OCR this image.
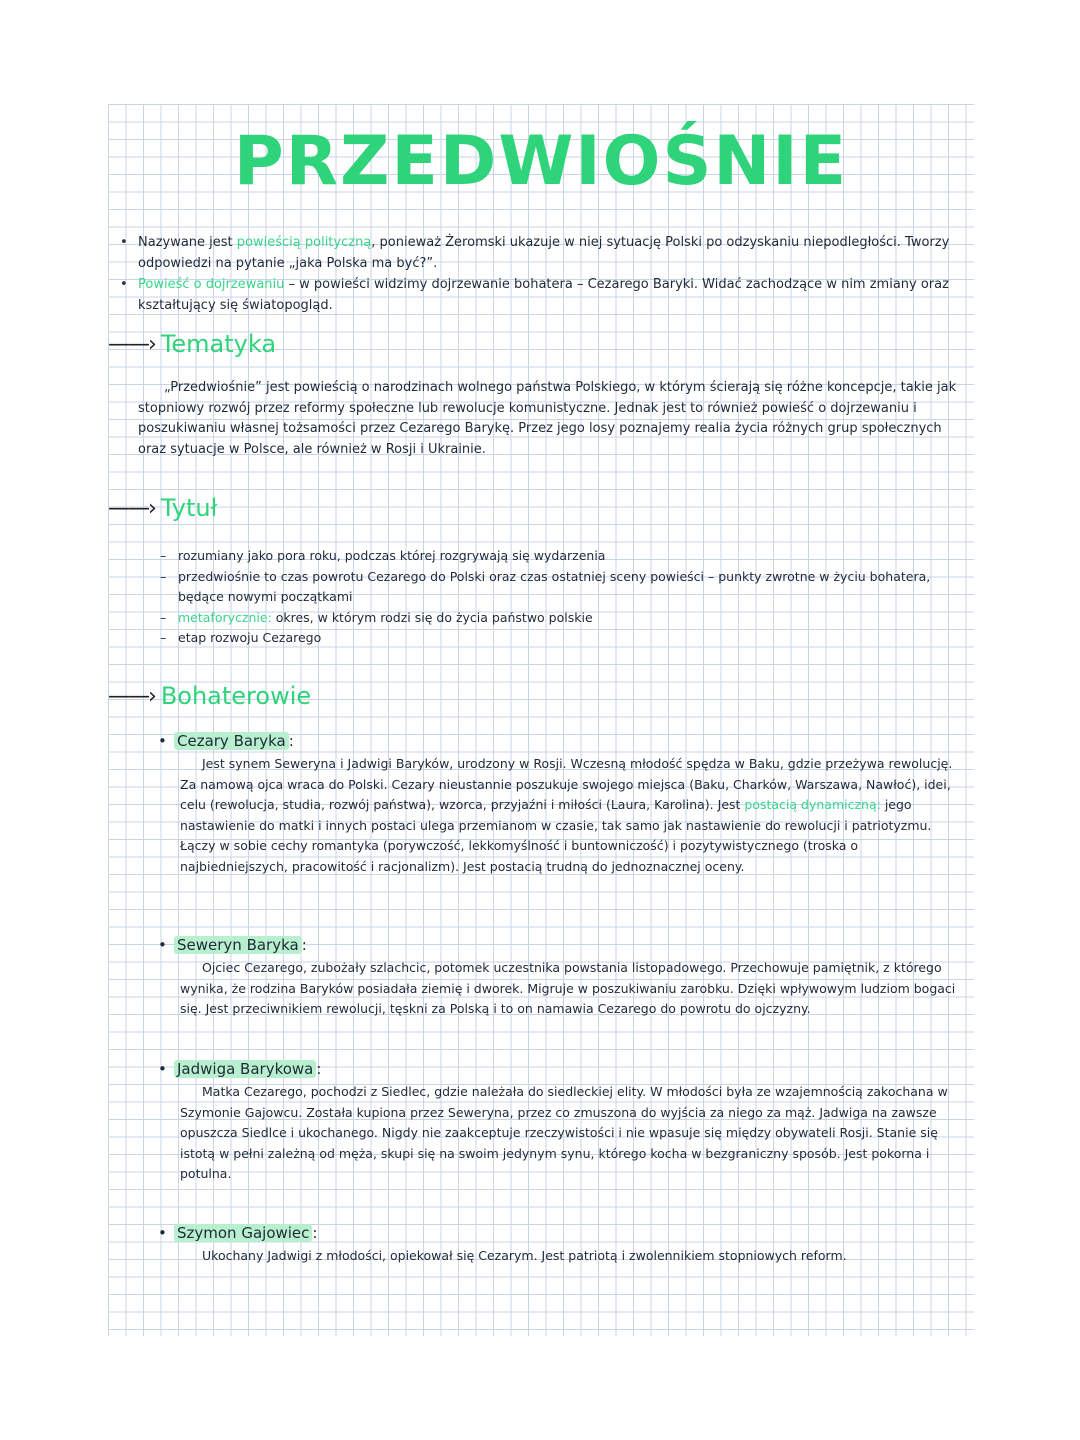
PRZEDWIOŚNIE
• Nazywane jest powieścią polityczną, ponieważ Żeromski ukazuje w niej sytuację Polski po odzyskaniu niepodległości. Tworzy odpowiedzi na pytanie „jaka Polska ma być?”.
• Powieść o dojrzewaniu – w powieści widzimy dojrzewanie bohatera – Cezarego Baryki. Widać zachodzące w nim zmiany oraz kształtujący się światopogląd.
——› Tematyka

„Przedwiośnie” jest powieścią o narodzinach wolnego państwa Polskiego, w którym ścierają się różne koncepcje, takie jak stopniowy rozwój przez reformy społeczne lub rewolucje komunistyczne. Jednak jest to również powieść o dojrzewaniu i poszukiwaniu własnej tożsamości przez Cezarego Barykę. Przez jego losy poznajemy realia życia różnych grup społecznych oraz sytuacje w Polsce, ale również w Rosji i Ukrainie.

——› Tytuł
– rozumiany jako pora roku, podczas której rozgrywają się wydarzenia
– przedwiośnie to czas powrotu Cezarego do Polski oraz czas ostatniej sceny powieści – punkty zwrotne w życiu bohatera, będące nowymi początkami
– metaforycznie: okres, w którym rodzi się do życia państwo polskie
– etap rozwoju Cezarego
——› Bohaterowie
• Cezary Baryka :

Jest synem Seweryna i Jadwigi Baryków, urodzony w Rosji. Wczesną młodość spędza w Baku, gdzie przeżywa rewolucję. Za namową ojca wraca do Polski. Cezary nieustannie poszukuje swojego miejsca (Baku, Charków, Warszawa, Nawłoć), idei, celu (rewolucja, studia, rozwój państwa), wzorca, przyjaźni i miłości (Laura, Karolina). Jest postacią dynamiczną: jego nastawienie do matki i innych postaci ulega przemianom w czasie, tak samo jak nastawienie do rewolucji i patriotyzmu. Łączy w sobie cechy romantyka (porywczość, lekkomyślność i buntowniczość) i pozytywistycznego (troska o najbiedniejszych, pracowitość i racjonalizm). Jest postacią trudną do jednoznacznej oceny.

• Seweryn Baryka :

Ojciec Cezarego, zubożały szlachcic, potomek uczestnika powstania listopadowego. Przechowuje pamiętnik, z którego wynika, że rodzina Baryków posiadała ziemię i dworek. Migruje w poszukiwaniu zarobku. Dzięki wpływowym ludziom bogaci się. Jest przeciwnikiem rewolucji, tęskni za Polską i to on namawia Cezarego do powrotu do ojczyzny.

• Jadwiga Barykowa :

Matka Cezarego, pochodzi z Siedlec, gdzie należała do siedleckiej elity. W młodości była ze wzajemnością zakochana w Szymonie Gajowcu. Została kupiona przez Seweryna, przez co zmuszona do wyjścia za niego za mąż. Jadwiga na zawsze opuszcza Siedlce i ukochanego. Nigdy nie zaakceptuje rzeczywistości i nie wpasuje się między obywateli Rosji. Stanie się istotą w pełni zależną od męża, skupi się na swoim jedynym synu, którego kocha w bezgraniczny sposób. Jest pokorna i potulna.

• Szymon Gajowiec :

Ukochany Jadwigi z młodości, opiekował się Cezarym. Jest patriotą i zwolennikiem stopniowych reform.
